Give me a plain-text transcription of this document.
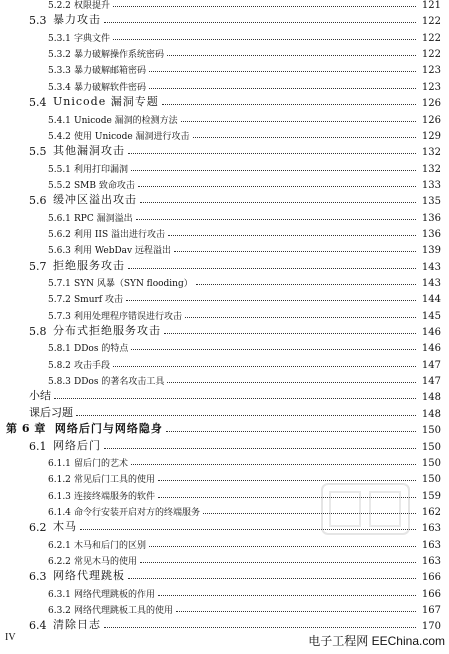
5.2.2 权限提升	121
5.3 暴力攻击	122
5.3.1 字典文件	122
5.3.2 暴力破解操作系统密码	122
5.3.3 暴力破解邮箱密码	123
5.3.4 暴力破解软件密码	123
5.4 Unicode 漏洞专题	126
5.4.1 Unicode 漏洞的检测方法	126
5.4.2 使用 Unicode 漏洞进行攻击	129
5.5 其他漏洞攻击	132
5.5.1 利用打印漏洞	132
5.5.2 SMB 致命攻击	133
5.6 缓冲区溢出攻击	135
5.6.1 RPC 漏洞溢出	136
5.6.2 利用 IIS 溢出进行攻击	136
5.6.3 利用 WebDav 远程溢出	139
5.7 拒绝服务攻击	143
5.7.1 SYN 风暴（SYN flooding）	143
5.7.2 Smurf 攻击	144
5.7.3 利用处理程序错误进行攻击	145
5.8 分布式拒绝服务攻击	146
5.8.1 DDos 的特点	146
5.8.2 攻击手段	147
5.8.3 DDos 的著名攻击工具	147
小结	148
课后习题	148
第 6 章 网络后门与网络隐身	150
6.1 网络后门	150
6.1.1 留后门的艺术	150
6.1.2 常见后门工具的使用	150
6.1.3 连接终端服务的软件	159
6.1.4 命令行安装开启对方的终端服务	162
6.2 木马	163
6.2.1 木马和后门的区别	163
6.2.2 常见木马的使用	163
6.3 网络代理跳板	166
6.3.1 网络代理跳板的作用	166
6.3.2 网络代理跳板工具的使用	167
6.4 清除日志	170
IV	电子工程网 EEChina.com
